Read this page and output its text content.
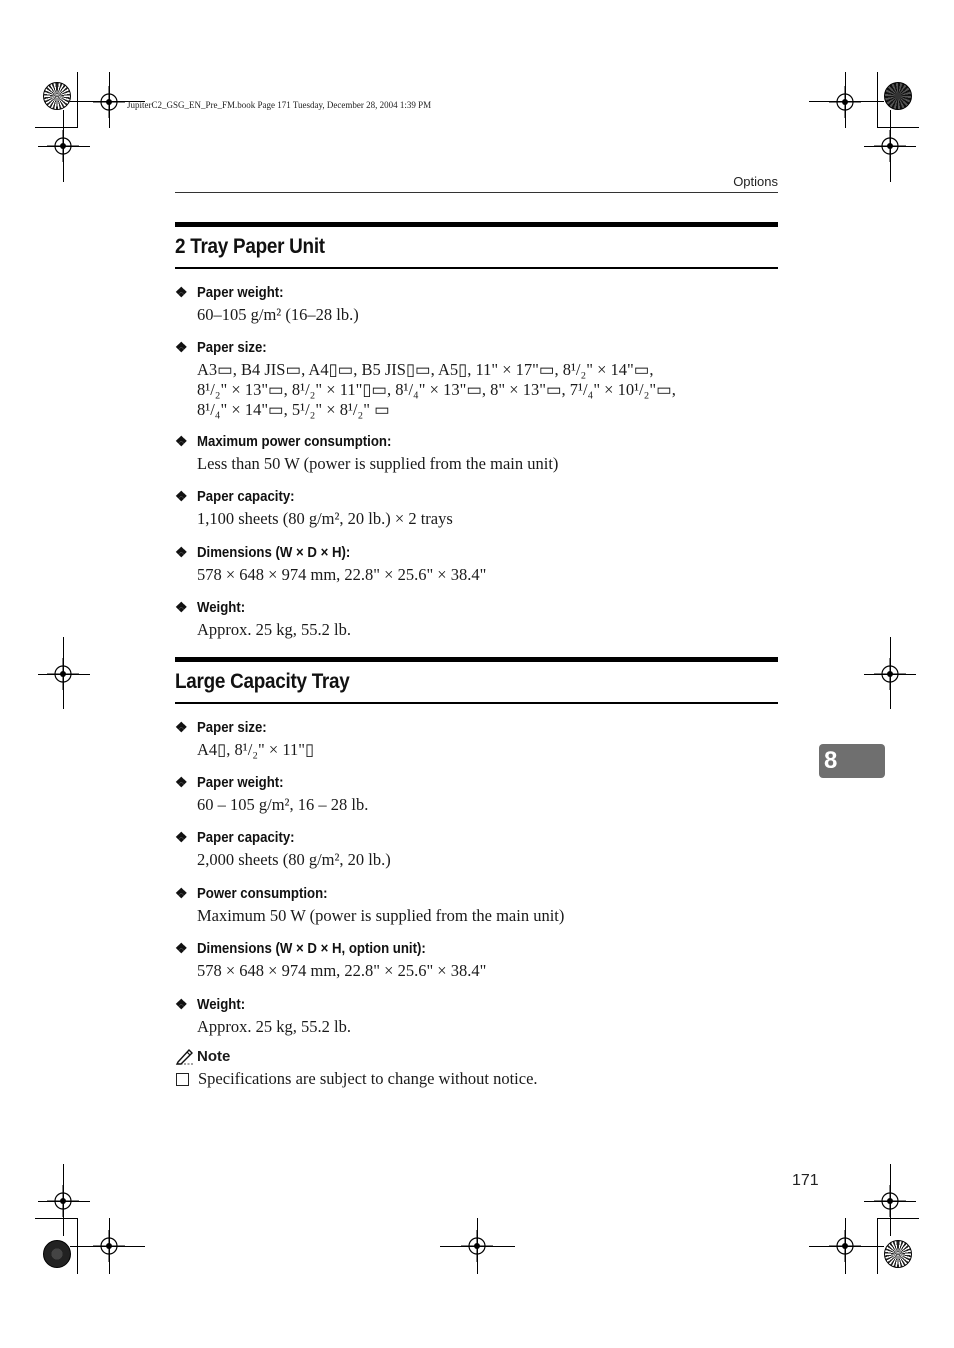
JupiterC2_GSG_EN_Pre_FM.book Page 171 Tuesday, December 28, 2004 1:39 PM
Options
2 Tray Paper Unit
❖ Paper weight:
60–105 g/m² (16–28 lb.)
❖ Paper size:
A3▭, B4 JIS▭, A4▯▭, B5 JIS▯▭, A5▯, 11" × 17"▭, 8¹/₂" × 14"▭,
8¹/₂" × 13"▭, 8¹/₂" × 11"▯▭, 8¹/₄" × 13"▭, 8" × 13"▭, 7¹/₄" × 10¹/₂"▭,
8¹/₄" × 14"▭, 5¹/₂" × 8¹/₂" ▭
❖ Maximum power consumption:
Less than 50 W (power is supplied from the main unit)
❖ Paper capacity:
1,100 sheets (80 g/m², 20 lb.) × 2 trays
❖ Dimensions (W × D × H):
578 × 648 × 974 mm, 22.8" × 25.6" × 38.4"
❖ Weight:
Approx. 25 kg, 55.2 lb.
Large Capacity Tray
❖ Paper size:
A4▯, 8¹/₂" × 11"▯
❖ Paper weight:
60 – 105 g/m², 16 – 28 lb.
❖ Paper capacity:
2,000 sheets (80 g/m², 20 lb.)
❖ Power consumption:
Maximum 50 W (power is supplied from the main unit)
❖ Dimensions (W × D × H, option unit):
578 × 648 × 974 mm, 22.8" × 25.6" × 38.4"
❖ Weight:
Approx. 25 kg, 55.2 lb.
Note
Specifications are subject to change without notice.
8
171
